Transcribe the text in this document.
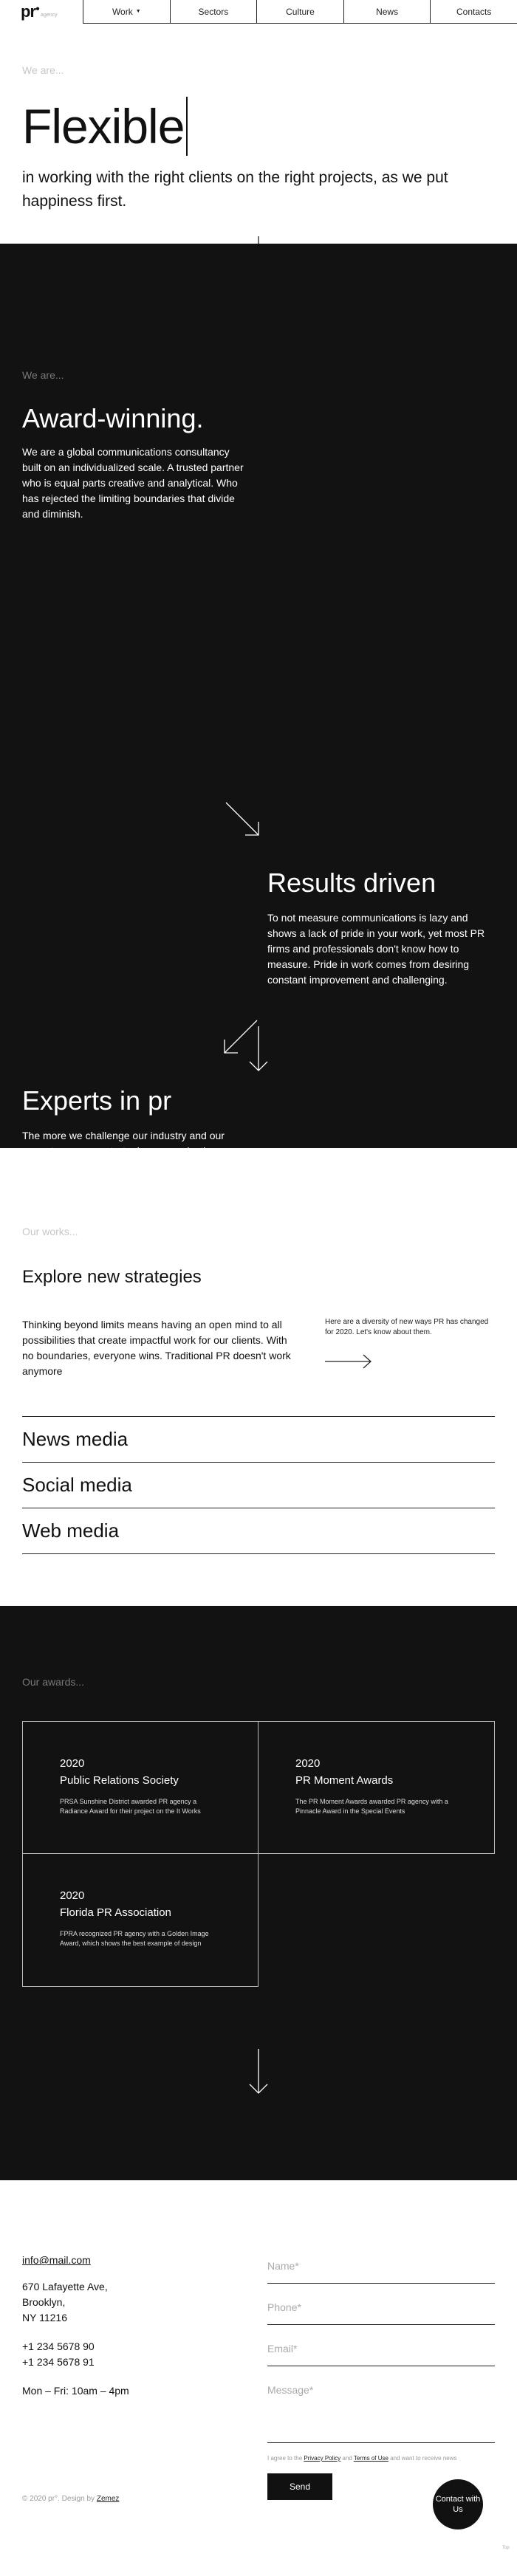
pr●
agency	Work ▼	Sectors	Culture	News	Contacts
We are...
Flexible

in working with the right clients on the right projects, as we put happiness first.

We are...
Award-winning.

We are a global communications consultancy built on an individualized scale. A trusted partner who is equal parts creative and analytical. Who has rejected the limiting boundaries that divide and diminish.

Results driven

To not measure communications is lazy and shows a lack of pride in your work, yet most PR firms and professionals don't know how to measure. Pride in work comes from desiring constant improvement and challenging.

Experts in pr

The more we challenge our industry and our peers to measure strategic communications properly, the more we can ensure that our profession is ethical, impactful, and credible. Welcome to PR agency.

Our works...
Explore new strategies

Thinking beyond limits means having an open mind to all possibilities that create impactful work for our clients. With no boundaries, everyone wins. Traditional PR doesn't work anymore

Here are a diversity of new ways PR has changed for 2020. Let's know about them.

News media
Social media
Web media
Our awards...
2020
Public Relations Society
PRSA Sunshine District awarded PR agency a Radiance Award for their project on the It Works
2020
PR Moment Awards
The PR Moment Awards awarded PR agency with a Pinnacle Award in the Special Events
2020
Florida PR Association
FPRA recognized PR agency with a Golden Image Award, which shows the best example of design
info@mail.com
670 Lafayette Ave,
Brooklyn,
NY 11216
+1 234 5678 90
+1 234 5678 91
Mon – Fri: 10am – 4pm
Name*
Phone*
Email*
Message*
I agree to the Privacy Policy and Terms of Use and want to receive news
Send
© 2020 pr°. Design by Zemez	Contact with Us
Top
